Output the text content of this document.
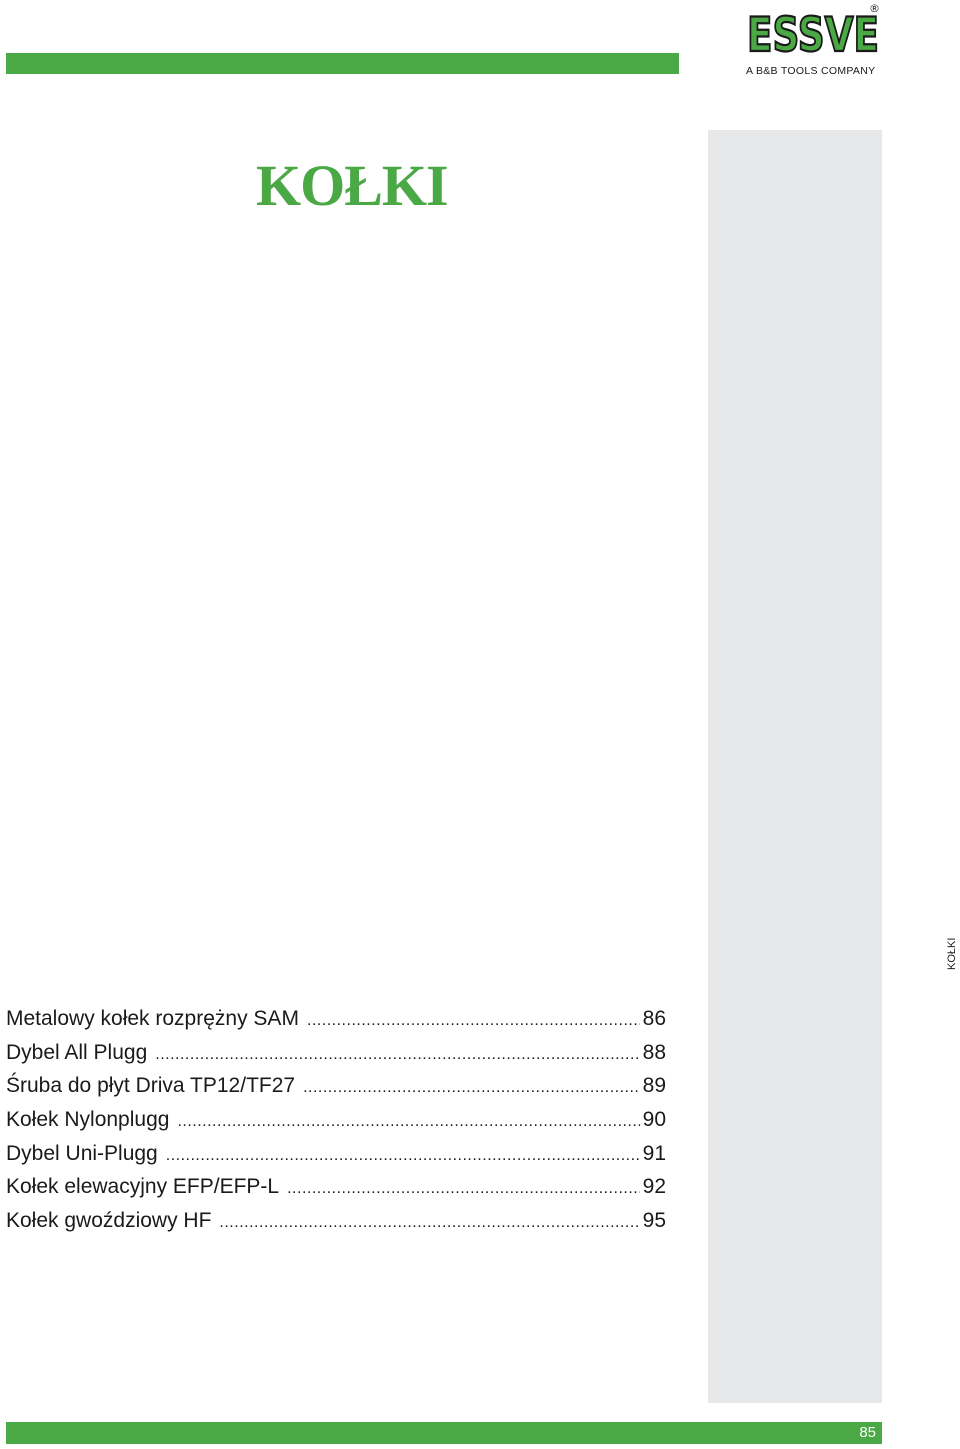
ESSVE
®
A B&B TOOLS COMPANY
KOŁKI
KOŁKI
Metalowy kołek rozprężny SAM .....	86
Dybel All Plugg .....	88
Śruba do płyt Driva TP12/TF27 .....	89
Kołek Nylonplugg .....	90
Dybel Uni-Plugg .....	91
Kołek elewacyjny EFP/EFP-L .....	92
Kołek gwoździowy HF .....	95
85
